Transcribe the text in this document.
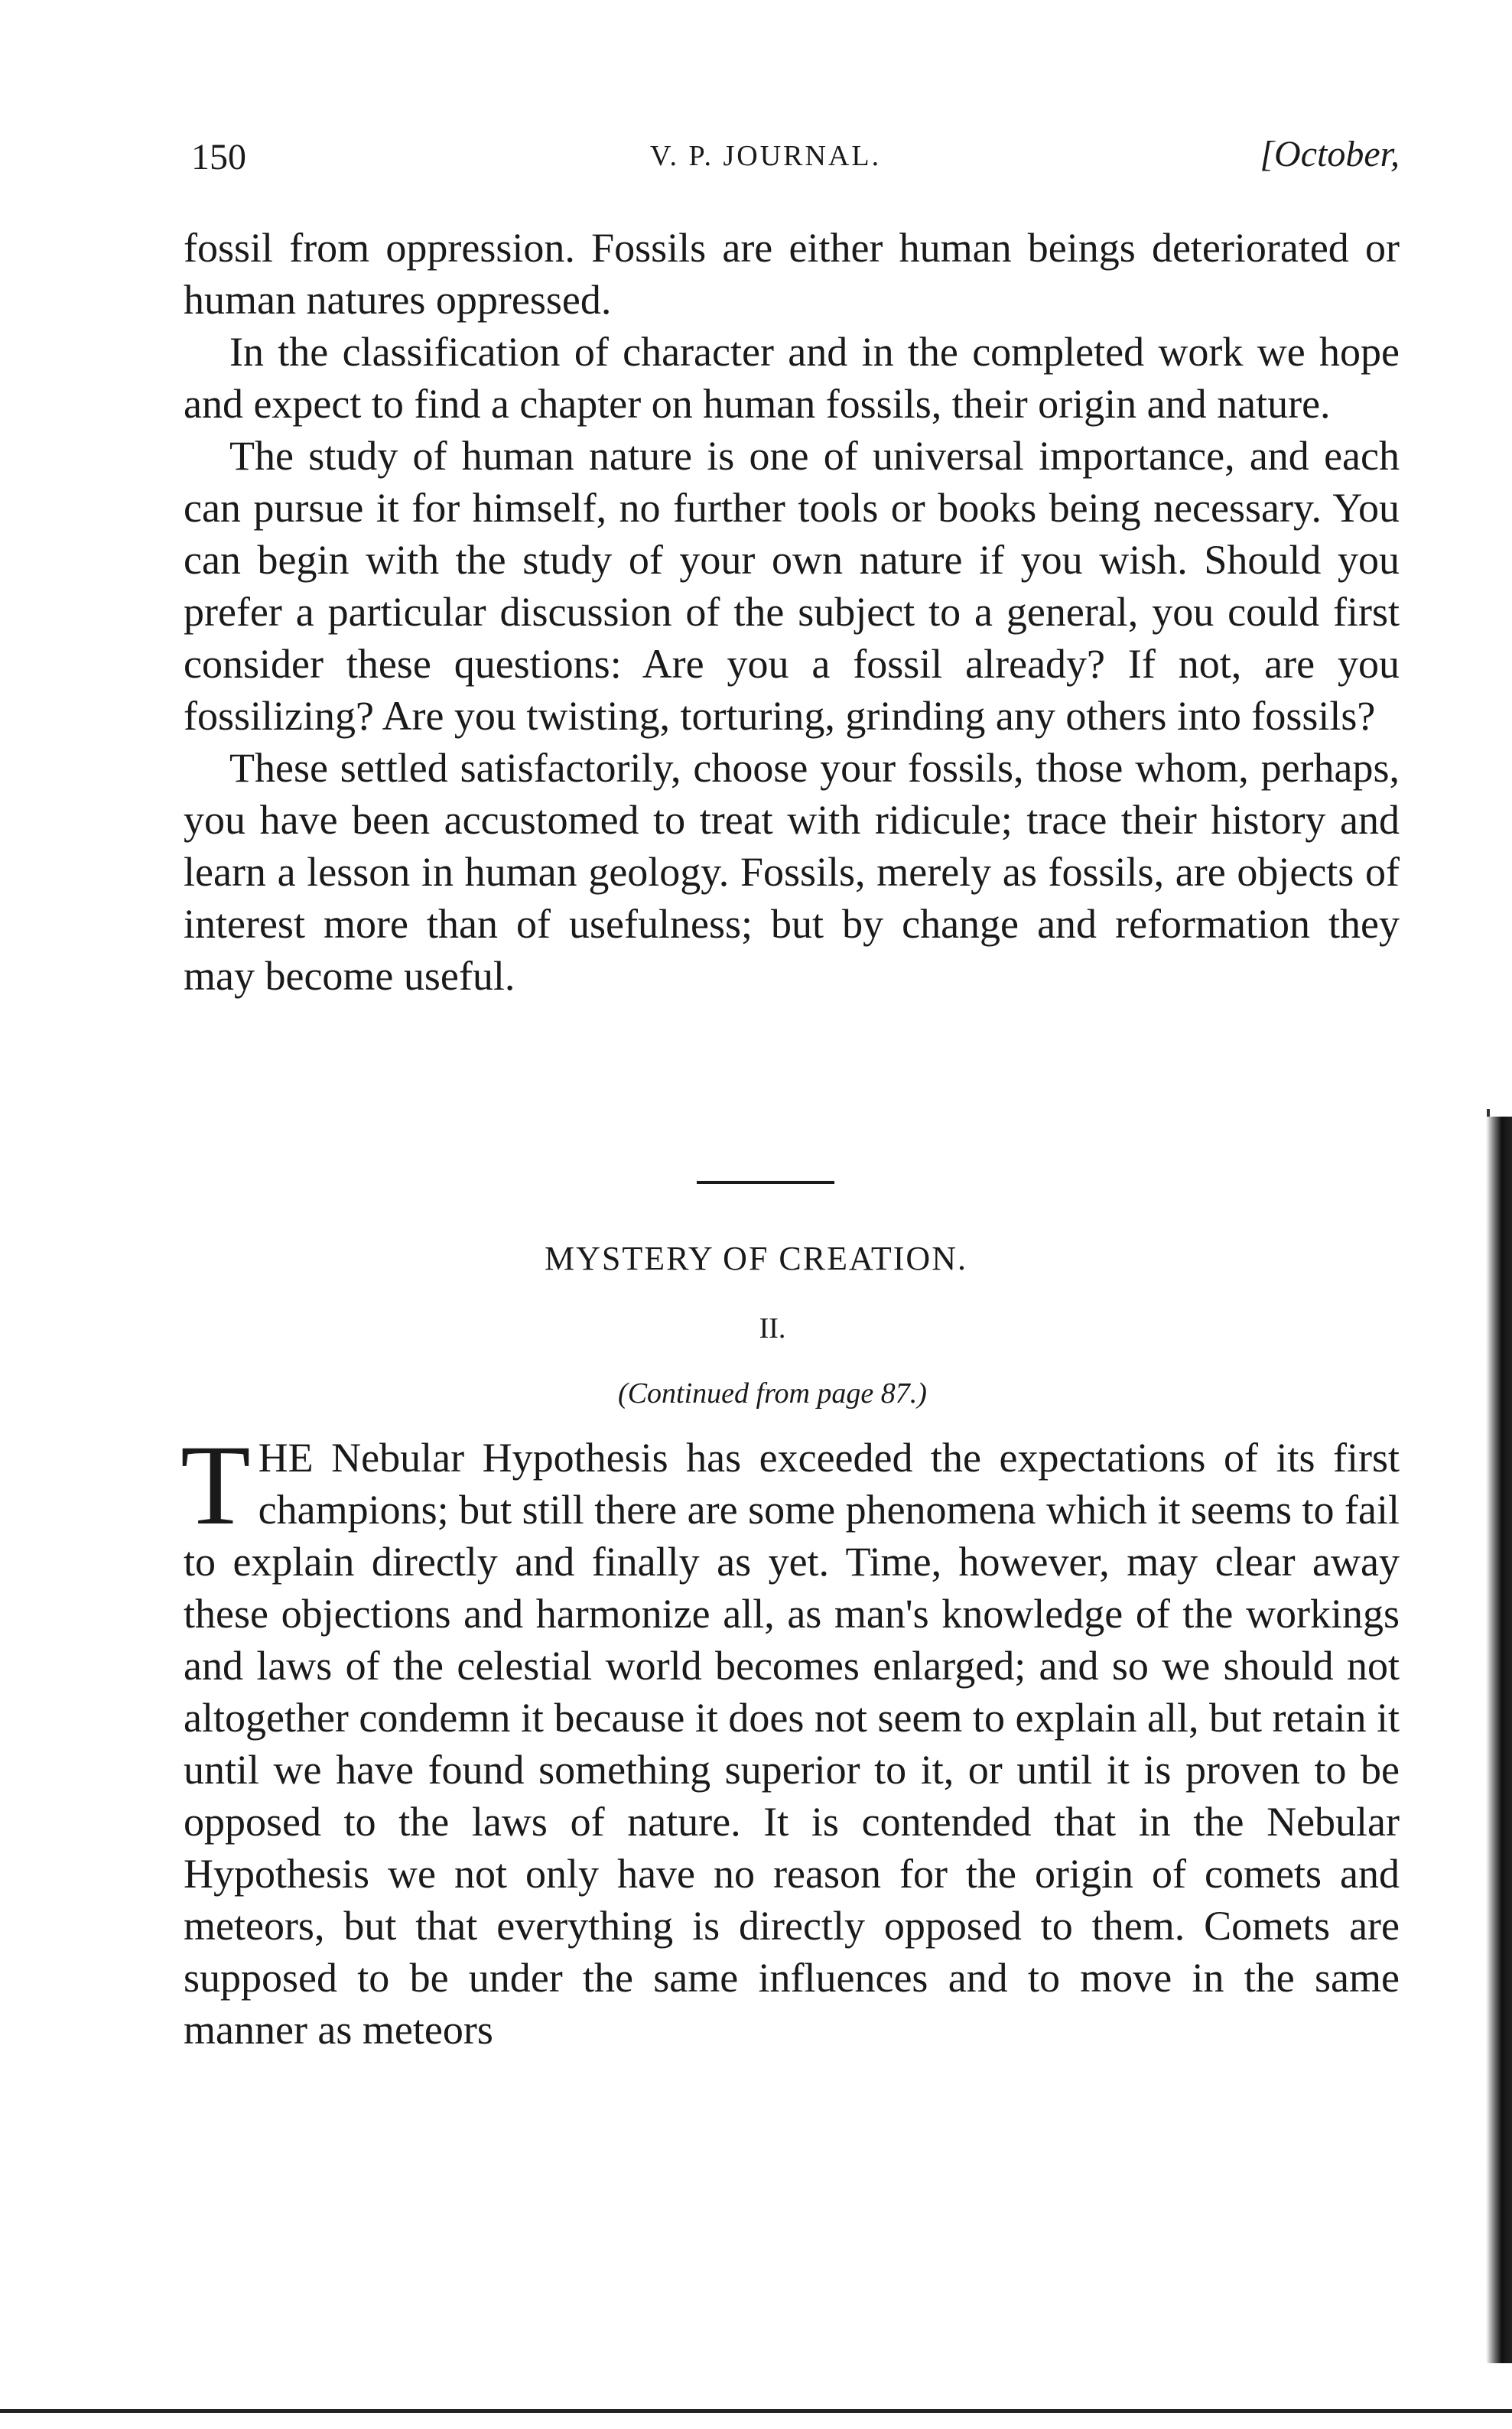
150	V. P. JOURNAL.	[October,

fossil from oppression. Fossils are either human beings deteriorated or human natures oppressed.

In the classification of character and in the completed work we hope and expect to find a chapter on human fossils, their origin and nature.

The study of human nature is one of universal importance, and each can pursue it for himself, no further tools or books being necessary. You can begin with the study of your own nature if you wish. Should you prefer a particular discussion of the subject to a general, you could first consider these questions: Are you a fossil already? If not, are you fossilizing? Are you twisting, torturing, grinding any others into fossils?

These settled satisfactorily, choose your fossils, those whom, perhaps, you have been accustomed to treat with ridicule; trace their history and learn a lesson in human geology. Fossils, merely as fossils, are objects of interest more than of usefulness; but by change and reformation they may become useful.

MYSTERY OF CREATION.
II.
(Continued from page 87.)

THE Nebular Hypothesis has exceeded the expectations of its first champions; but still there are some phenomena which it seems to fail to explain directly and finally as yet. Time, however, may clear away these objections and harmonize all, as man's knowledge of the workings and laws of the celestial world becomes enlarged; and so we should not altogether condemn it because it does not seem to explain all, but retain it until we have found something superior to it, or until it is proven to be opposed to the laws of nature. It is contended that in the Nebular Hypothesis we not only have no reason for the origin of comets and meteors, but that everything is directly opposed to them. Comets are supposed to be under the same influences and to move in the same manner as meteors
